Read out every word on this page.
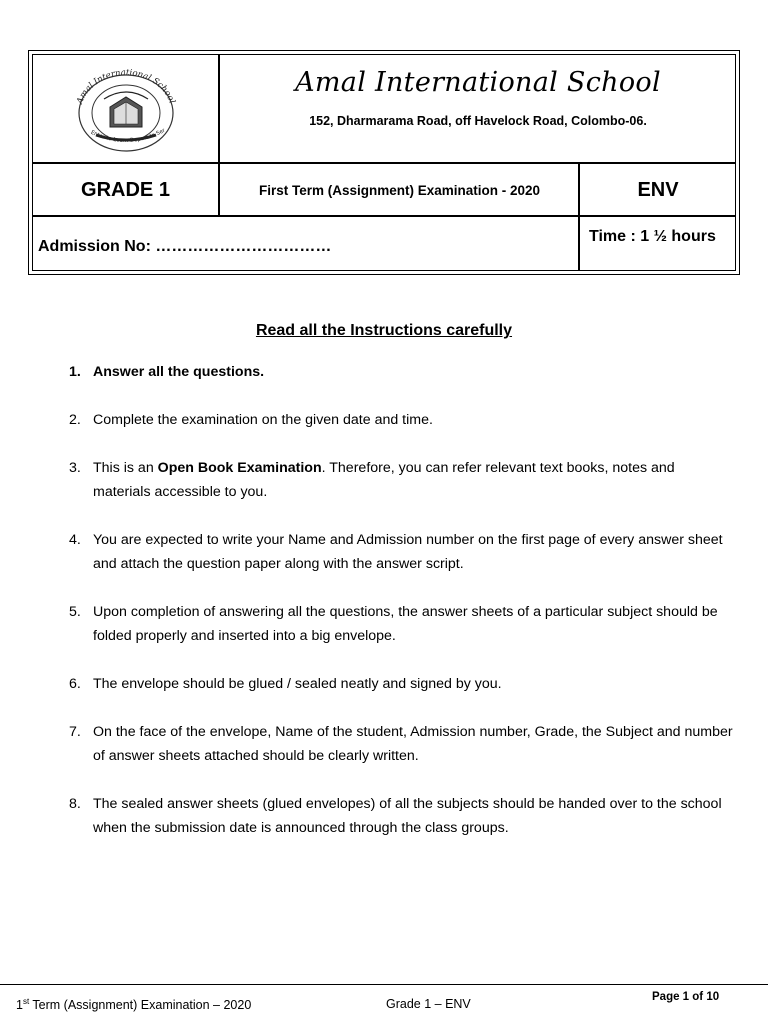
Amal International School
Enter to Learn Depart to Ser
Amal International School
152, Dharmarama Road, off Havelock Road, Colombo-06.
GRADE 1	First Term (Assignment) Examination - 2020	ENV
Admission No: ……………………………
Time : 1 ½ hours
Read all the Instructions carefully
1. Answer all the questions.
2. Complete the examination on the given date and time.
3. This is an Open Book Examination. Therefore, you can refer relevant text books, notes and materials accessible to you.
4. You are expected to write your Name and Admission number on the first page of every answer sheet and attach the question paper along with the answer script.
5. Upon completion of answering all the questions, the answer sheets of a particular subject should be folded properly and inserted into a big envelope.
6. The envelope should be glued / sealed neatly and signed by you.
7. On the face of the envelope, Name of the student, Admission number, Grade, the Subject and number of answer sheets attached should be clearly written.
8. The sealed answer sheets (glued envelopes) of all the subjects should be handed over to the school when the submission date is announced through the class groups.
1st Term (Assignment) Examination – 2020	Grade 1 – ENV	Page 1 of 10
